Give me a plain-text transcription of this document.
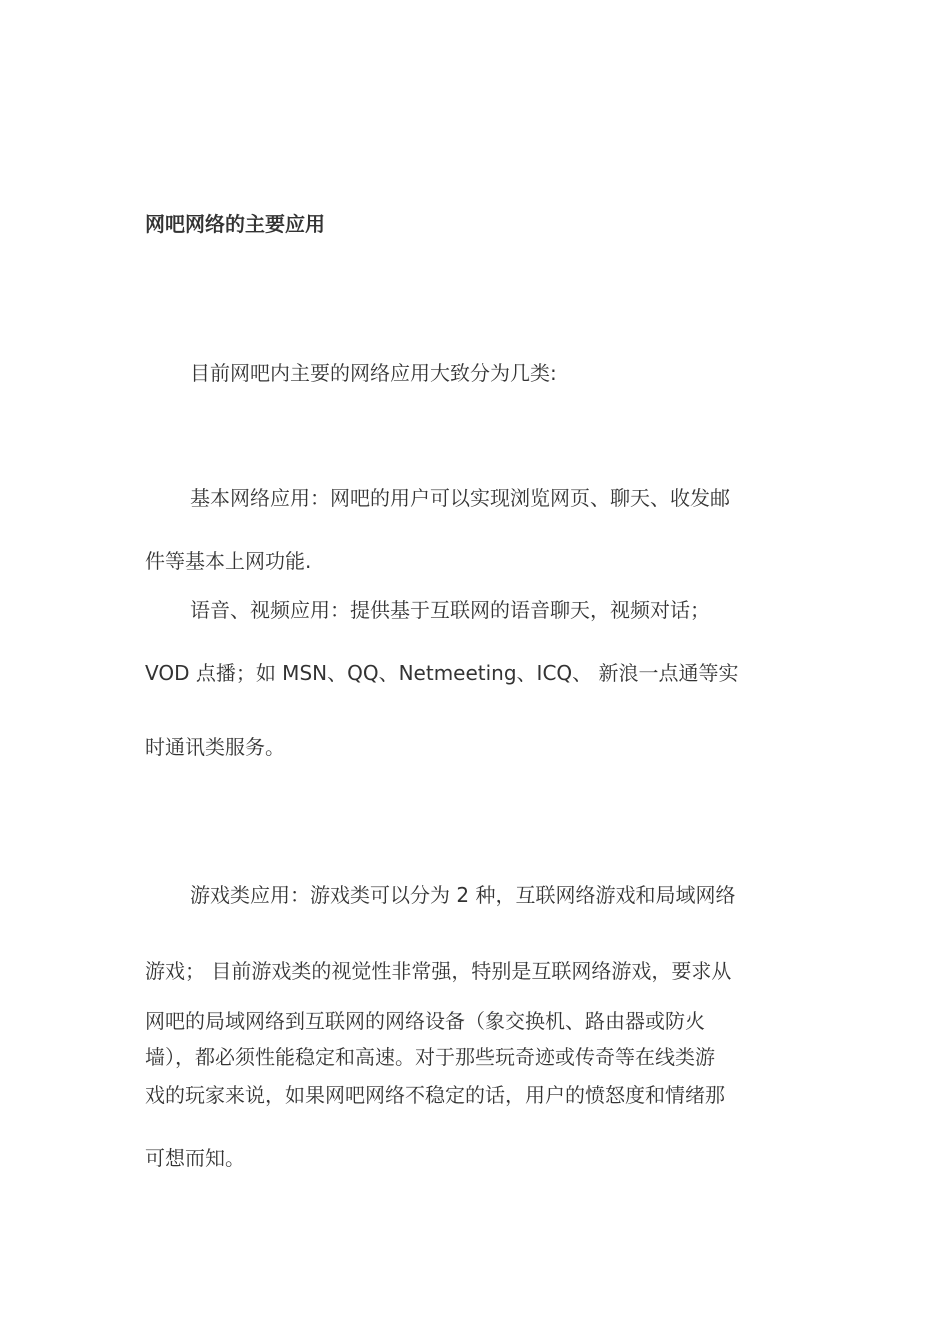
网吧网络的主要应用
目前网吧内主要的网络应用大致分为几类:
基本网络应用：网吧的用户可以实现浏览网页、聊天、收发邮
件等基本上网功能.
语音、视频应用：提供基于互联网的语音聊天，视频对话；
VOD 点播；如 MSN、QQ、Netmeeting、ICQ、 新浪一点通等实
时通讯类服务。
游戏类应用：游戏类可以分为 2 种，互联网络游戏和局域网络
游戏； 目前游戏类的视觉性非常强，特别是互联网络游戏，要求从
网吧的局域网络到互联网的网络设备（象交换机、路由器或防火
墙），都必须性能稳定和高速。对于那些玩奇迹或传奇等在线类游
戏的玩家来说，如果网吧网络不稳定的话，用户的愤怒度和情绪那
可想而知。
